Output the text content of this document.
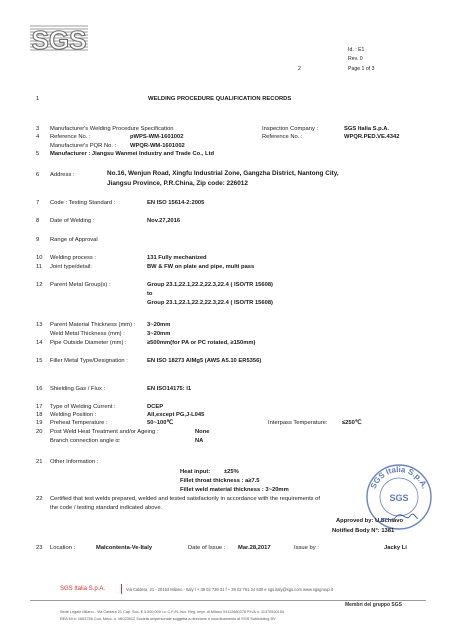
SGS	Id. : E1
Rev. 0
2	Page 1 of 3
1	WELDING PROCEDURE QUALIFICATION RECORDS
3 Manufacturer's Welding Procedure Specification
4 Reference No. :	pWPS-WM-1601002
Manufacturer's PQR No. : WPQR-WM-1601002
5 Manufacturer : Jiangsu Wanmei Industry and Trade Co., Ltd
Inspection Company :	SGS Italia S.p.A.
Reference No. :	WPQR.PED.VE.4342
6 Address :	No.16, Wenjun Road, Xingfu Industrial Zone, Gangzha District, Nantong City,
Jiangsu Province, P.R.China, Zip code: 226012
7 Code : Testing Standard :	EN ISO 15614-2:2005
8 Date of Welding :	Nov.27,2016
9 Range of Approval
10 Welding process :	131 Fully mechanized
11 Joint type/detail:	BW & FW on plate and pipe, multi pass
12 Parent Metal Group(s) :	Group 23.1,22.1,22.2,22.3,22.4 ( ISO/TR 15608)
to
Group 23.1,22.1,22.2,22.3,22.4 ( ISO/TR 15608)
13 Parent Material Thickness (mm) : 3~20mm
Weld Metal Thickness (mm) :	3~20mm
14 Pipe Outside Diameter (mm) :	≥500mm(for PA or PC rotated, ≥150mm)
15 Filler Metal Type/Designation :	EN ISO 18273 AlMg5 (AWS A5.10 ER5356)
16 Shielding Gas / Flux :	EN ISO14175: I1
17 Type of Welding Current :	DCEP
18 Welding Position :	All,except PG,J-L045
19 Preheat Temperature :	50~100℃	Interpass Temperature: ≤250℃
20 Post Weld Heat Treatment and/or Ageing :	None
Branch connection angle α:	NA
21 Other Information :
Heat input: ±25%
Fillet throat thickness : a≥7.5
Fillet weld material thickness : 3~20mm
22 Certified that test welds prepared, welded and tested satisfactorily in accordance with the requirements of
the code / testing standard indicated above.
SGS Italia S.p.A.
SGS
Approved by: U.Schiavo
Notified Body N°: 1381
23 Location :	Malcontenta-Ve-Italy	Date of Issue : Mar.28,2017	Issue by :	Jacky Li
SGS Italia S.p.A.	Via Caldera, 21 - 20153 Milano - Italy t + 39 02 739 31 f + 39 02 761 24 630 e sgs.italy@sgs.com www.sgsgroup.it
Membri del gruppo SGS
Sede Legale Milano - Via Caldera 21 Cap. Soc. € 3.500.000 i.v. C.F./N. Iscr. Reg. Impr. di Milano 04112680378 P.IVA n. 11370520154
REA Mi n. 1653756 Cod. Mecc. n. MI023912 Società unipersonale soggetta a direzione e coordinamento di SGS Subholding BV
